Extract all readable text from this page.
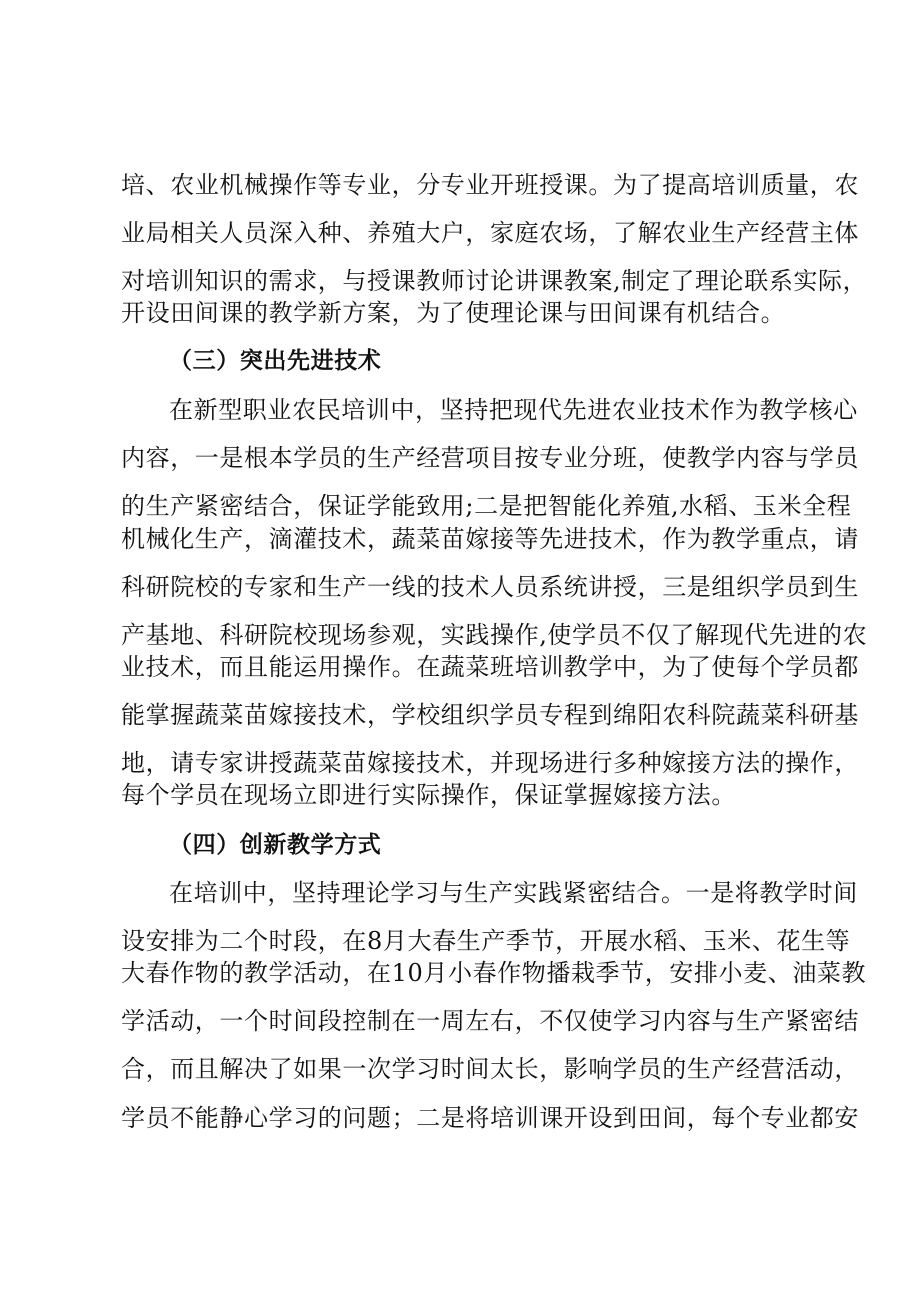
培、农业机械操作等专业，分专业开班授课。为了提高培训质量，农
业局相关人员深入种、养殖大户，家庭农场，了解农业生产经营主体
对培训知识的需求，与授课教师讨论讲课教案,制定了理论联系实际，
开设田间课的教学新方案，为了使理论课与田间课有机结合。
（三）突出先进技术
在新型职业农民培训中，坚持把现代先进农业技术作为教学核心
内容，一是根本学员的生产经营项目按专业分班，使教学内容与学员
的生产紧密结合，保证学能致用;二是把智能化养殖,水稻、玉米全程
机械化生产，滴灌技术，蔬菜苗嫁接等先进技术，作为教学重点，请
科研院校的专家和生产一线的技术人员系统讲授，三是组织学员到生
产基地、科研院校现场参观，实践操作,使学员不仅了解现代先进的农
业技术，而且能运用操作。在蔬菜班培训教学中，为了使每个学员都
能掌握蔬菜苗嫁接技术，学校组织学员专程到绵阳农科院蔬菜科研基
地，请专家讲授蔬菜苗嫁接技术，并现场进行多种嫁接方法的操作，
每个学员在现场立即进行实际操作，保证掌握嫁接方法。
（四）创新教学方式
在培训中，坚持理论学习与生产实践紧密结合。一是将教学时间
设安排为二个时段，在8月大春生产季节，开展水稻、玉米、花生等
大春作物的教学活动，在10月小春作物播栽季节，安排小麦、油菜教
学活动，一个时间段控制在一周左右，不仅使学习内容与生产紧密结
合，而且解决了如果一次学习时间太长，影响学员的生产经营活动，
学员不能静心学习的问题；二是将培训课开设到田间，每个专业都安
